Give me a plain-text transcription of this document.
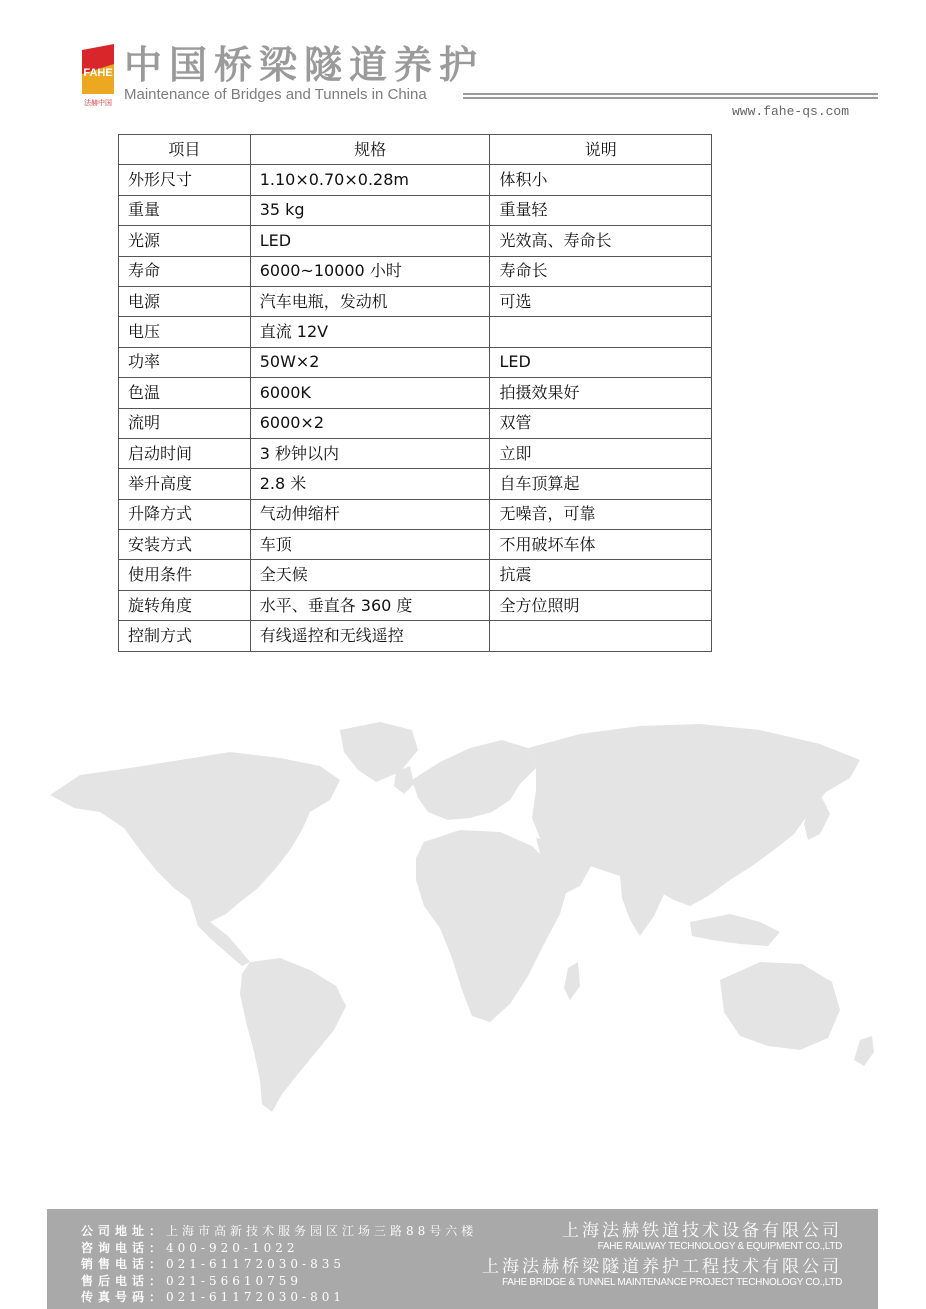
FAHE
法赫中国
中国桥梁隧道养护
Maintenance of Bridges and Tunnels in China
www.fahe-qs.com
项目	规格	说明
外形尺寸	1.10×0.70×0.28m	体积小
重量	35 kg	重量轻
光源	LED	光效高、寿命长
寿命	6000~10000 小时	寿命长
电源	汽车电瓶，发动机	可选
电压	直流 12V	
功率	50W×2	LED
色温	6000K	拍摄效果好
流明	6000×2	双管
启动时间	3 秒钟以内	立即
举升高度	2.8 米	自车顶算起
升降方式	气动伸缩杆	无噪音，可靠
安装方式	车顶	不用破坏车体
使用条件	全天候	抗震
旋转角度	水平、垂直各 360 度	全方位照明
控制方式	有线遥控和无线遥控	
公司地址：上海市高新技术服务园区江场三路88号六楼
咨询电话：400-920-1022
销售电话：021-61172030-835
售后电话：021-56610759
传真号码：021-61172030-801
上海法赫铁道技术设备有限公司
FAHE RAILWAY TECHNOLOGY & EQUIPMENT CO.,LTD
上海法赫桥梁隧道养护工程技术有限公司
FAHE BRIDGE & TUNNEL MAINTENANCE PROJECT TECHNOLOGY CO.,LTD
